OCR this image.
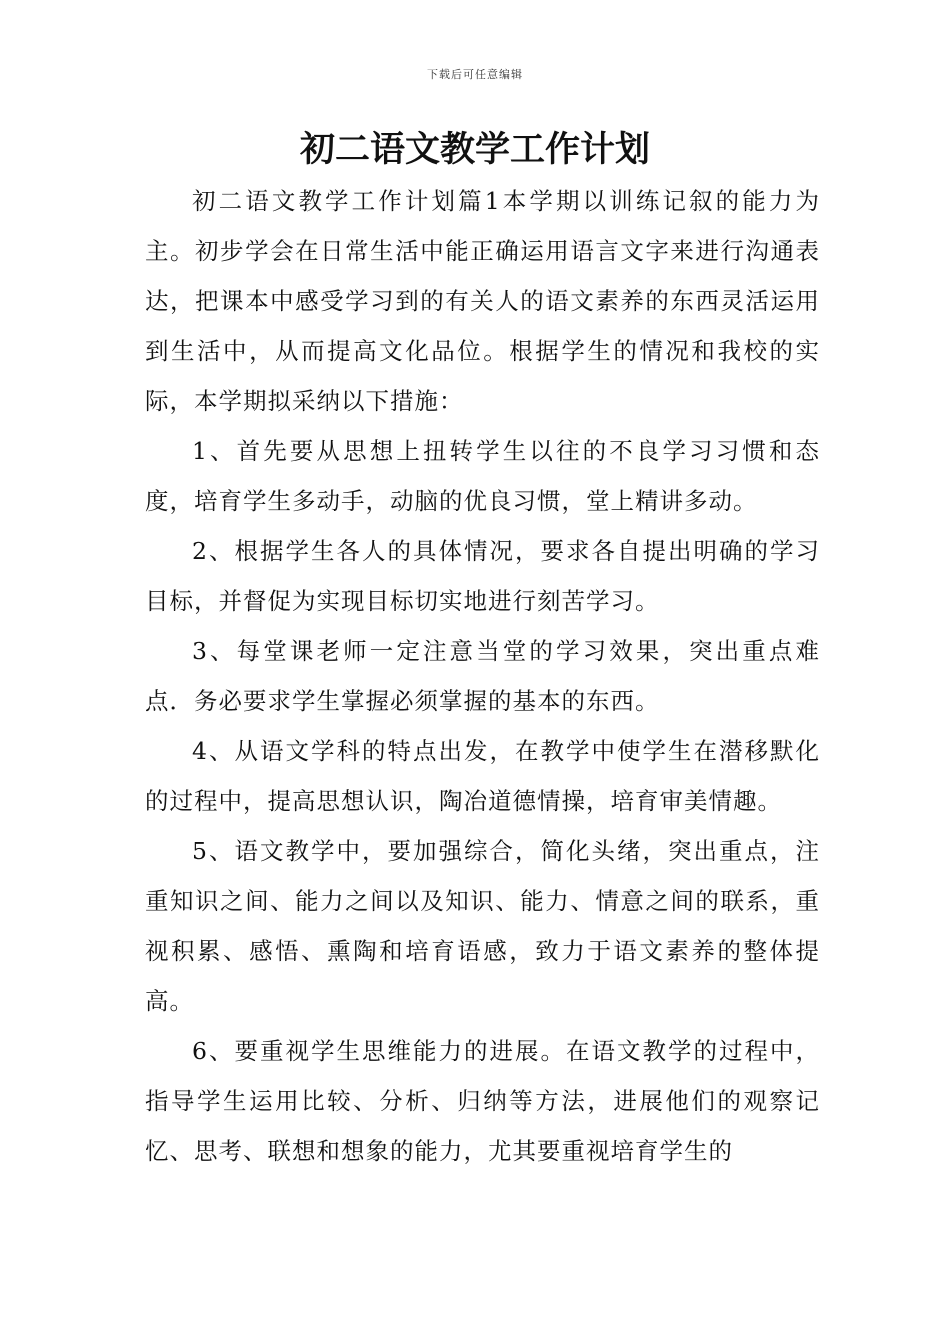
下载后可任意编辑
初二语文教学工作计划

初二语文教学工作计划篇1本学期以训练记叙的能力为主。初步学会在日常生活中能正确运用语言文字来进行沟通表达，把课本中感受学习到的有关人的语文素养的东西灵活运用到生活中，从而提高文化品位。根据学生的情况和我校的实际，本学期拟采纳以下措施：

1、首先要从思想上扭转学生以往的不良学习习惯和态度，培育学生多动手，动脑的优良习惯，堂上精讲多动。

2、根据学生各人的具体情况，要求各自提出明确的学习目标，并督促为实现目标切实地进行刻苦学习。

3、每堂课老师一定注意当堂的学习效果，突出重点难点．务必要求学生掌握必须掌握的基本的东西。

4、从语文学科的特点出发，在教学中使学生在潜移默化的过程中，提高思想认识，陶冶道德情操，培育审美情趣。

5、语文教学中，要加强综合，简化头绪，突出重点，注重知识之间、能力之间以及知识、能力、情意之间的联系，重视积累、感悟、熏陶和培育语感，致力于语文素养的整体提高。

6、要重视学生思维能力的进展。在语文教学的过程中，指导学生运用比较、分析、归纳等方法，进展他们的观察记忆、思考、联想和想象的能力，尤其要重视培育学生的
